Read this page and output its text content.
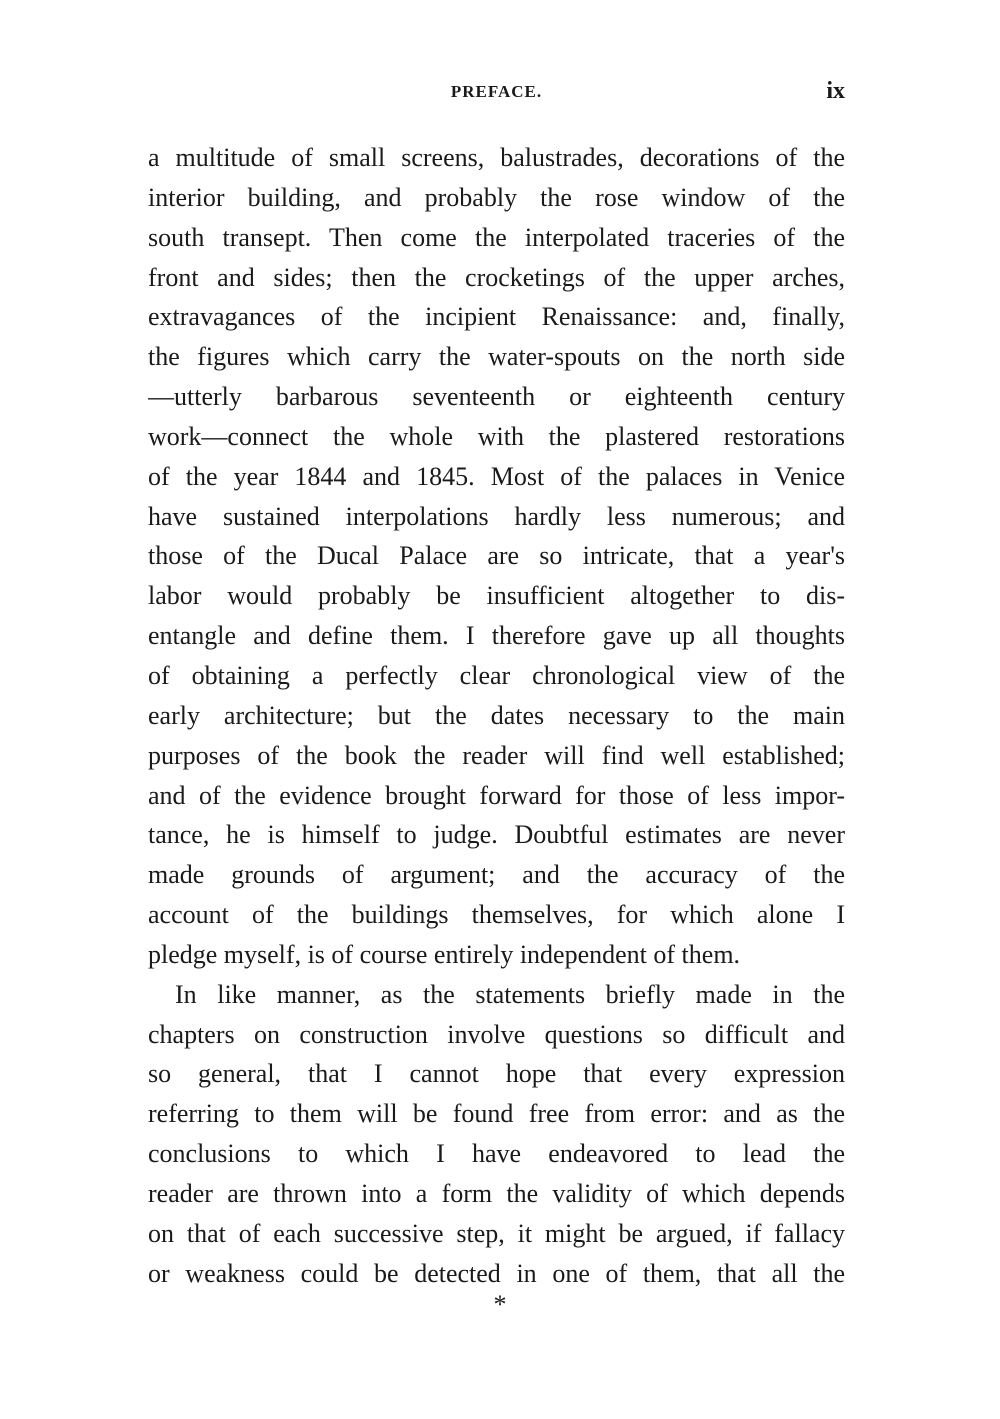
PREFACE.	ix
a multitude of small screens, balustrades, decorations of the
interior building, and probably the rose window of the
south transept. Then come the interpolated traceries of the
front and sides; then the crocketings of the upper arches,
extravagances of the incipient Renaissance: and, finally,
the figures which carry the water-spouts on the north side
—utterly barbarous seventeenth or eighteenth century
work—connect the whole with the plastered restorations
of the year 1844 and 1845. Most of the palaces in Venice
have sustained interpolations hardly less numerous; and
those of the Ducal Palace are so intricate, that a year's
labor would probably be insufficient altogether to dis-
entangle and define them. I therefore gave up all thoughts
of obtaining a perfectly clear chronological view of the
early architecture; but the dates necessary to the main
purposes of the book the reader will find well established;
and of the evidence brought forward for those of less impor-
tance, he is himself to judge. Doubtful estimates are never
made grounds of argument; and the accuracy of the
account of the buildings themselves, for which alone I
pledge myself, is of course entirely independent of them.
In like manner, as the statements briefly made in the
chapters on construction involve questions so difficult and
so general, that I cannot hope that every expression
referring to them will be found free from error: and as the
conclusions to which I have endeavored to lead the
reader are thrown into a form the validity of which depends
on that of each successive step, it might be argued, if fallacy
or weakness could be detected in one of them, that all the
*
